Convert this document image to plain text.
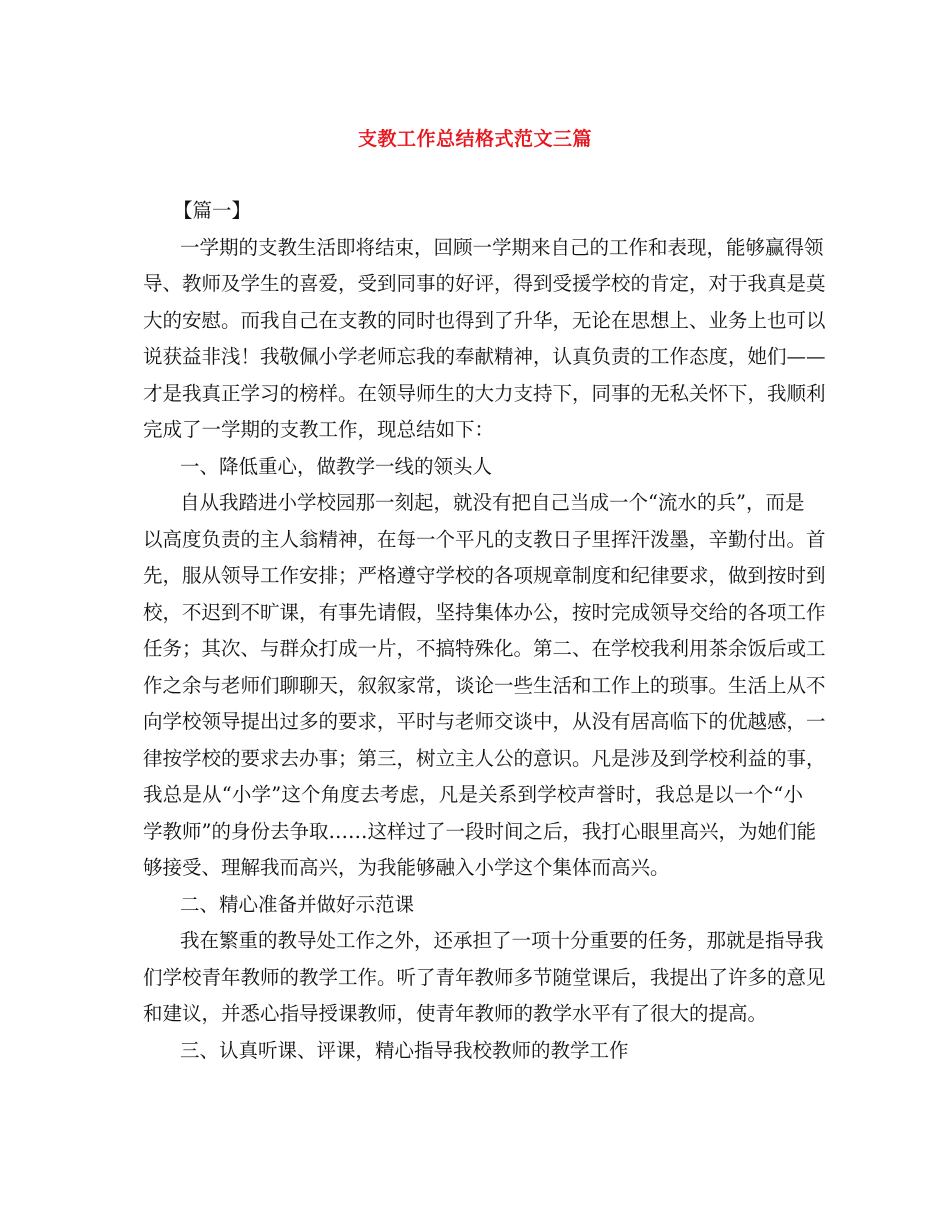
支教工作总结格式范文三篇
【篇一】
一学期的支教生活即将结束，回顾一学期来自己的工作和表现，能够赢得领
导、教师及学生的喜爱，受到同事的好评，得到受援学校的肯定，对于我真是莫
大的安慰。而我自己在支教的同时也得到了升华，无论在思想上、业务上也可以
说获益非浅！我敬佩小学老师忘我的奉献精神，认真负责的工作态度，她们——
才是我真正学习的榜样。在领导师生的大力支持下，同事的无私关怀下，我顺利
完成了一学期的支教工作，现总结如下：
一、降低重心，做教学一线的领头人
自从我踏进小学校园那一刻起，就没有把自己当成一个“流水的兵”，而是
以高度负责的主人翁精神，在每一个平凡的支教日子里挥汗泼墨，辛勤付出。首
先，服从领导工作安排；严格遵守学校的各项规章制度和纪律要求，做到按时到
校，不迟到不旷课，有事先请假，坚持集体办公，按时完成领导交给的各项工作
任务；其次、与群众打成一片，不搞特殊化。第二、在学校我利用茶余饭后或工
作之余与老师们聊聊天，叙叙家常，谈论一些生活和工作上的琐事。生活上从不
向学校领导提出过多的要求，平时与老师交谈中，从没有居高临下的优越感，一
律按学校的要求去办事；第三，树立主人公的意识。凡是涉及到学校利益的事，
我总是从“小学”这个角度去考虑，凡是关系到学校声誉时，我总是以一个“小
学教师”的身份去争取……这样过了一段时间之后，我打心眼里高兴，为她们能
够接受、理解我而高兴，为我能够融入小学这个集体而高兴。
二、精心准备并做好示范课
我在繁重的教导处工作之外，还承担了一项十分重要的任务，那就是指导我
们学校青年教师的教学工作。听了青年教师多节随堂课后，我提出了许多的意见
和建议，并悉心指导授课教师，使青年教师的教学水平有了很大的提高。
三、认真听课、评课，精心指导我校教师的教学工作
